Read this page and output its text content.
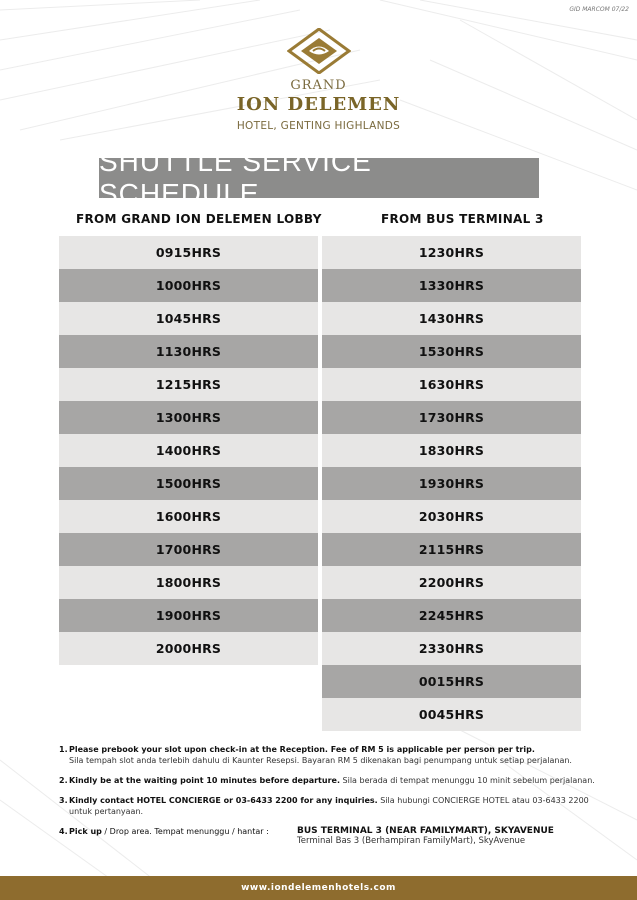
GID MARCOM 07/22
GRAND
ION DELEMEN
HOTEL, GENTING HIGHLANDS
SHUTTLE SERVICE SCHEDULE
FROM GRAND ION DELEMEN LOBBY	FROM BUS TERMINAL 3
0915HRS
1000HRS
1045HRS
1130HRS
1215HRS
1300HRS
1400HRS
1500HRS
1600HRS
1700HRS
1800HRS
1900HRS
2000HRS
1230HRS
1330HRS
1430HRS
1530HRS
1630HRS
1730HRS
1830HRS
1930HRS
2030HRS
2115HRS
2200HRS
2245HRS
2330HRS
0015HRS
0045HRS
1. Please prebook your slot upon check-in at the Reception. Fee of RM 5 is applicable per person per trip.
Sila tempah slot anda terlebih dahulu di Kaunter Resepsi. Bayaran RM 5 dikenakan bagi penumpang untuk setiap perjalanan.
2. Kindly be at the waiting point 10 minutes before departure. Sila berada di tempat menunggu 10 minit sebelum perjalanan.
3. Kindly contact HOTEL CONCIERGE or 03-6433 2200 for any inquiries. Sila hubungi CONCIERGE HOTEL atau 03-6433 2200 untuk pertanyaan.
4. Pick up / Drop area. Tempat menunggu / hantar :	BUS TERMINAL 3 (NEAR FAMILYMART), SKYAVENUE
Terminal Bas 3 (Berhampiran FamilyMart), SkyAvenue
www.iondelemenhotels.com
